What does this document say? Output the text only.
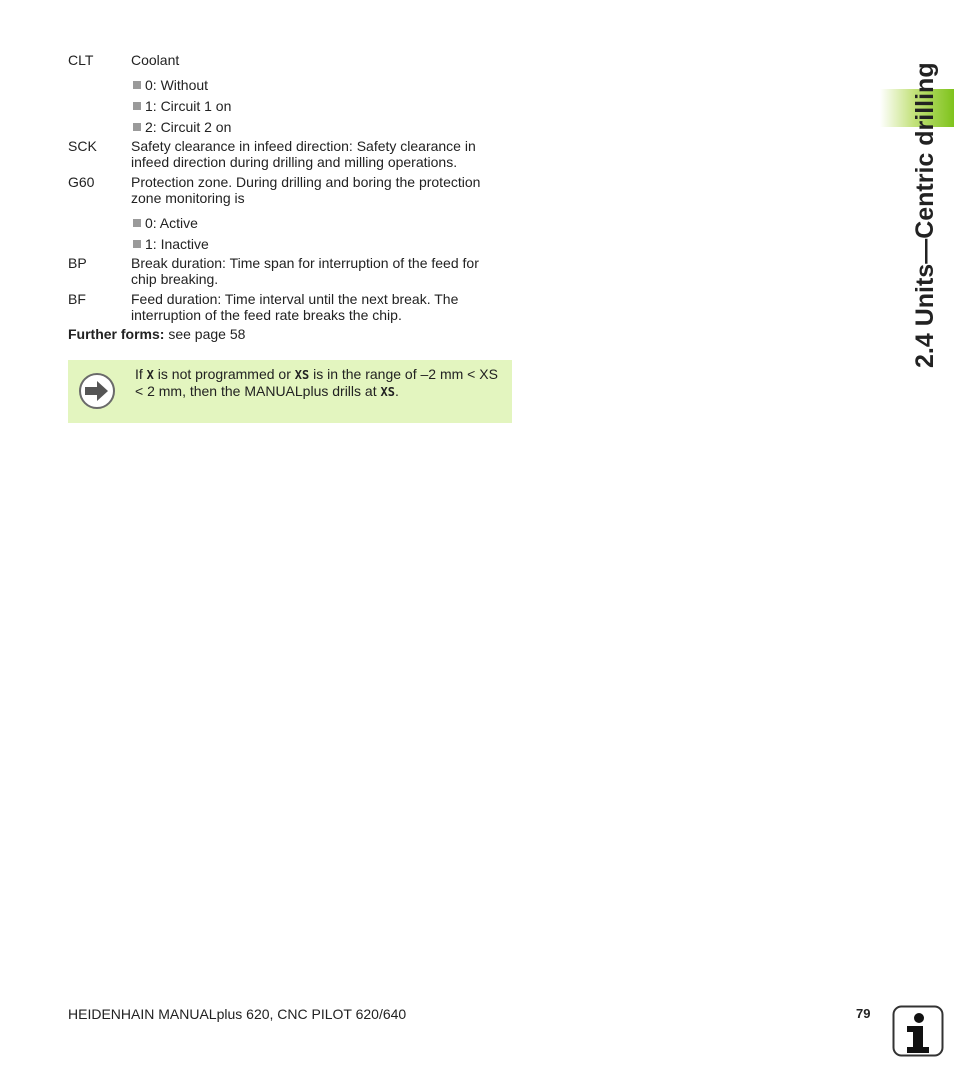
2.4 Units—Centric drilling
CLT	Coolant
0: Without
1: Circuit 1 on
2: Circuit 2 on
SCK Safety clearance in infeed direction: Safety clearance in infeed direction during drilling and milling operations.
G60	Protection zone. During drilling and boring the protection zone monitoring is
0: Active
1: Inactive
BP	Break duration: Time span for interruption of the feed for chip breaking.
BF	Feed duration: Time interval until the next break. The interruption of the feed rate breaks the chip.
Further forms: see page 58
If X is not programmed or XS is in the range of –2 mm < XS < 2 mm, then the MANUALplus drills at XS.
HEIDENHAIN MANUALplus 620, CNC PILOT 620/640	79
